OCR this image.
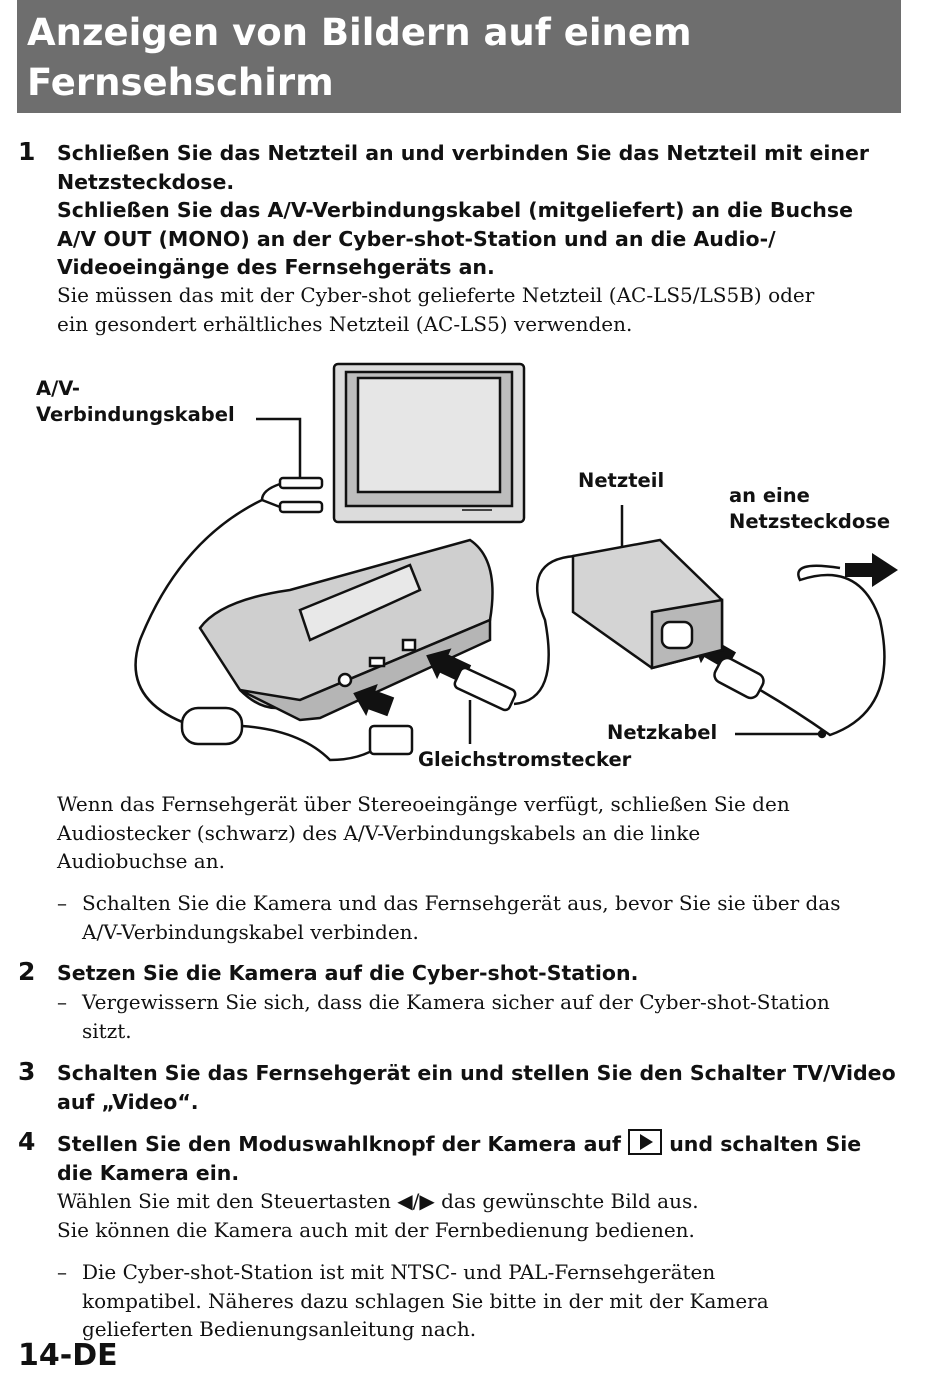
Anzeigen von Bildern auf einem
Fernsehschirm
1 Schließen Sie das Netzteil an und verbinden Sie das Netzteil mit einer
Netzsteckdose.
Schließen Sie das A/V-Verbindungskabel (mitgeliefert) an die Buchse
A/V OUT (MONO) an der Cyber-shot-Station und an die Audio-/
Videoeingänge des Fernsehgeräts an.
Sie müssen das mit der Cyber-shot gelieferte Netzteil (AC-LS5/LS5B) oder
ein gesondert erhältliches Netzteil (AC-LS5) verwenden.
A/V-
Verbindungskabel
Netzteil
an eine
Netzsteckdose
Netzkabel
Gleichstromstecker
Wenn das Fernsehgerät über Stereoeingänge verfügt, schließen Sie den
Audiostecker (schwarz) des A/V-Verbindungskabels an die linke
Audiobuchse an.
– Schalten Sie die Kamera und das Fernsehgerät aus, bevor Sie sie über das
A/V-Verbindungskabel verbinden.
2 Setzen Sie die Kamera auf die Cyber-shot-Station.
– Vergewissern Sie sich, dass die Kamera sicher auf der Cyber-shot-Station
sitzt.
3 Schalten Sie das Fernsehgerät ein und stellen Sie den Schalter TV/Video
auf „Video“.
4 Stellen Sie den Moduswahlknopf der Kamera auf und schalten Sie
die Kamera ein.
Wählen Sie mit den Steuertasten ◀/▶ das gewünschte Bild aus.
Sie können die Kamera auch mit der Fernbedienung bedienen.
– Die Cyber-shot-Station ist mit NTSC- und PAL-Fernsehgeräten
kompatibel. Näheres dazu schlagen Sie bitte in der mit der Kamera
gelieferten Bedienungsanleitung nach.
14-DE
